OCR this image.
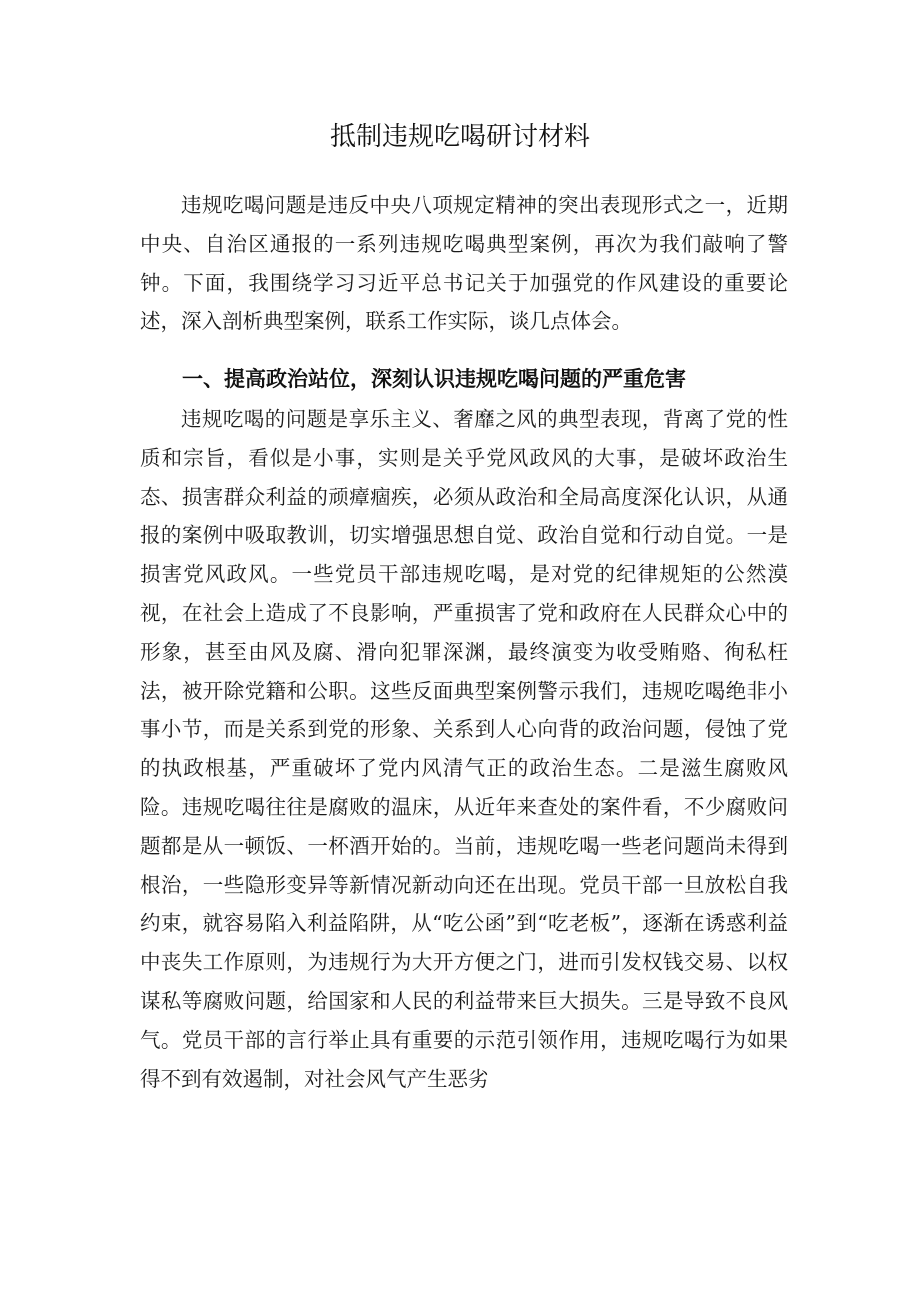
抵制违规吃喝研讨材料

违规吃喝问题是违反中央八项规定精神的突出表现形式之一，近期中央、自治区通报的一系列违规吃喝典型案例，再次为我们敲响了警钟。下面，我围绕学习习近平总书记关于加强党的作风建设的重要论述，深入剖析典型案例，联系工作实际，谈几点体会。

一、提高政治站位，深刻认识违规吃喝问题的严重危害

违规吃喝的问题是享乐主义、奢靡之风的典型表现，背离了党的性质和宗旨，看似是小事，实则是关乎党风政风的大事，是破坏政治生态、损害群众利益的顽瘴痼疾，必须从政治和全局高度深化认识，从通报的案例中吸取教训，切实增强思想自觉、政治自觉和行动自觉。一是损害党风政风。一些党员干部违规吃喝，是对党的纪律规矩的公然漠视，在社会上造成了不良影响，严重损害了党和政府在人民群众心中的形象，甚至由风及腐、滑向犯罪深渊，最终演变为收受贿赂、徇私枉法，被开除党籍和公职。这些反面典型案例警示我们，违规吃喝绝非小事小节，而是关系到党的形象、关系到人心向背的政治问题，侵蚀了党的执政根基，严重破坏了党内风清气正的政治生态。二是滋生腐败风险。违规吃喝往往是腐败的温床，从近年来查处的案件看，不少腐败问题都是从一顿饭、一杯酒开始的。当前，违规吃喝一些老问题尚未得到根治，一些隐形变异等新情况新动向还在出现。党员干部一旦放松自我约束，就容易陷入利益陷阱，从“吃公函”到“吃老板”，逐渐在诱惑利益中丧失工作原则，为违规行为大开方便之门，进而引发权钱交易、以权谋私等腐败问题，给国家和人民的利益带来巨大损失。三是导致不良风气。党员干部的言行举止具有重要的示范引领作用，违规吃喝行为如果得不到有效遏制，对社会风气产生恶劣
